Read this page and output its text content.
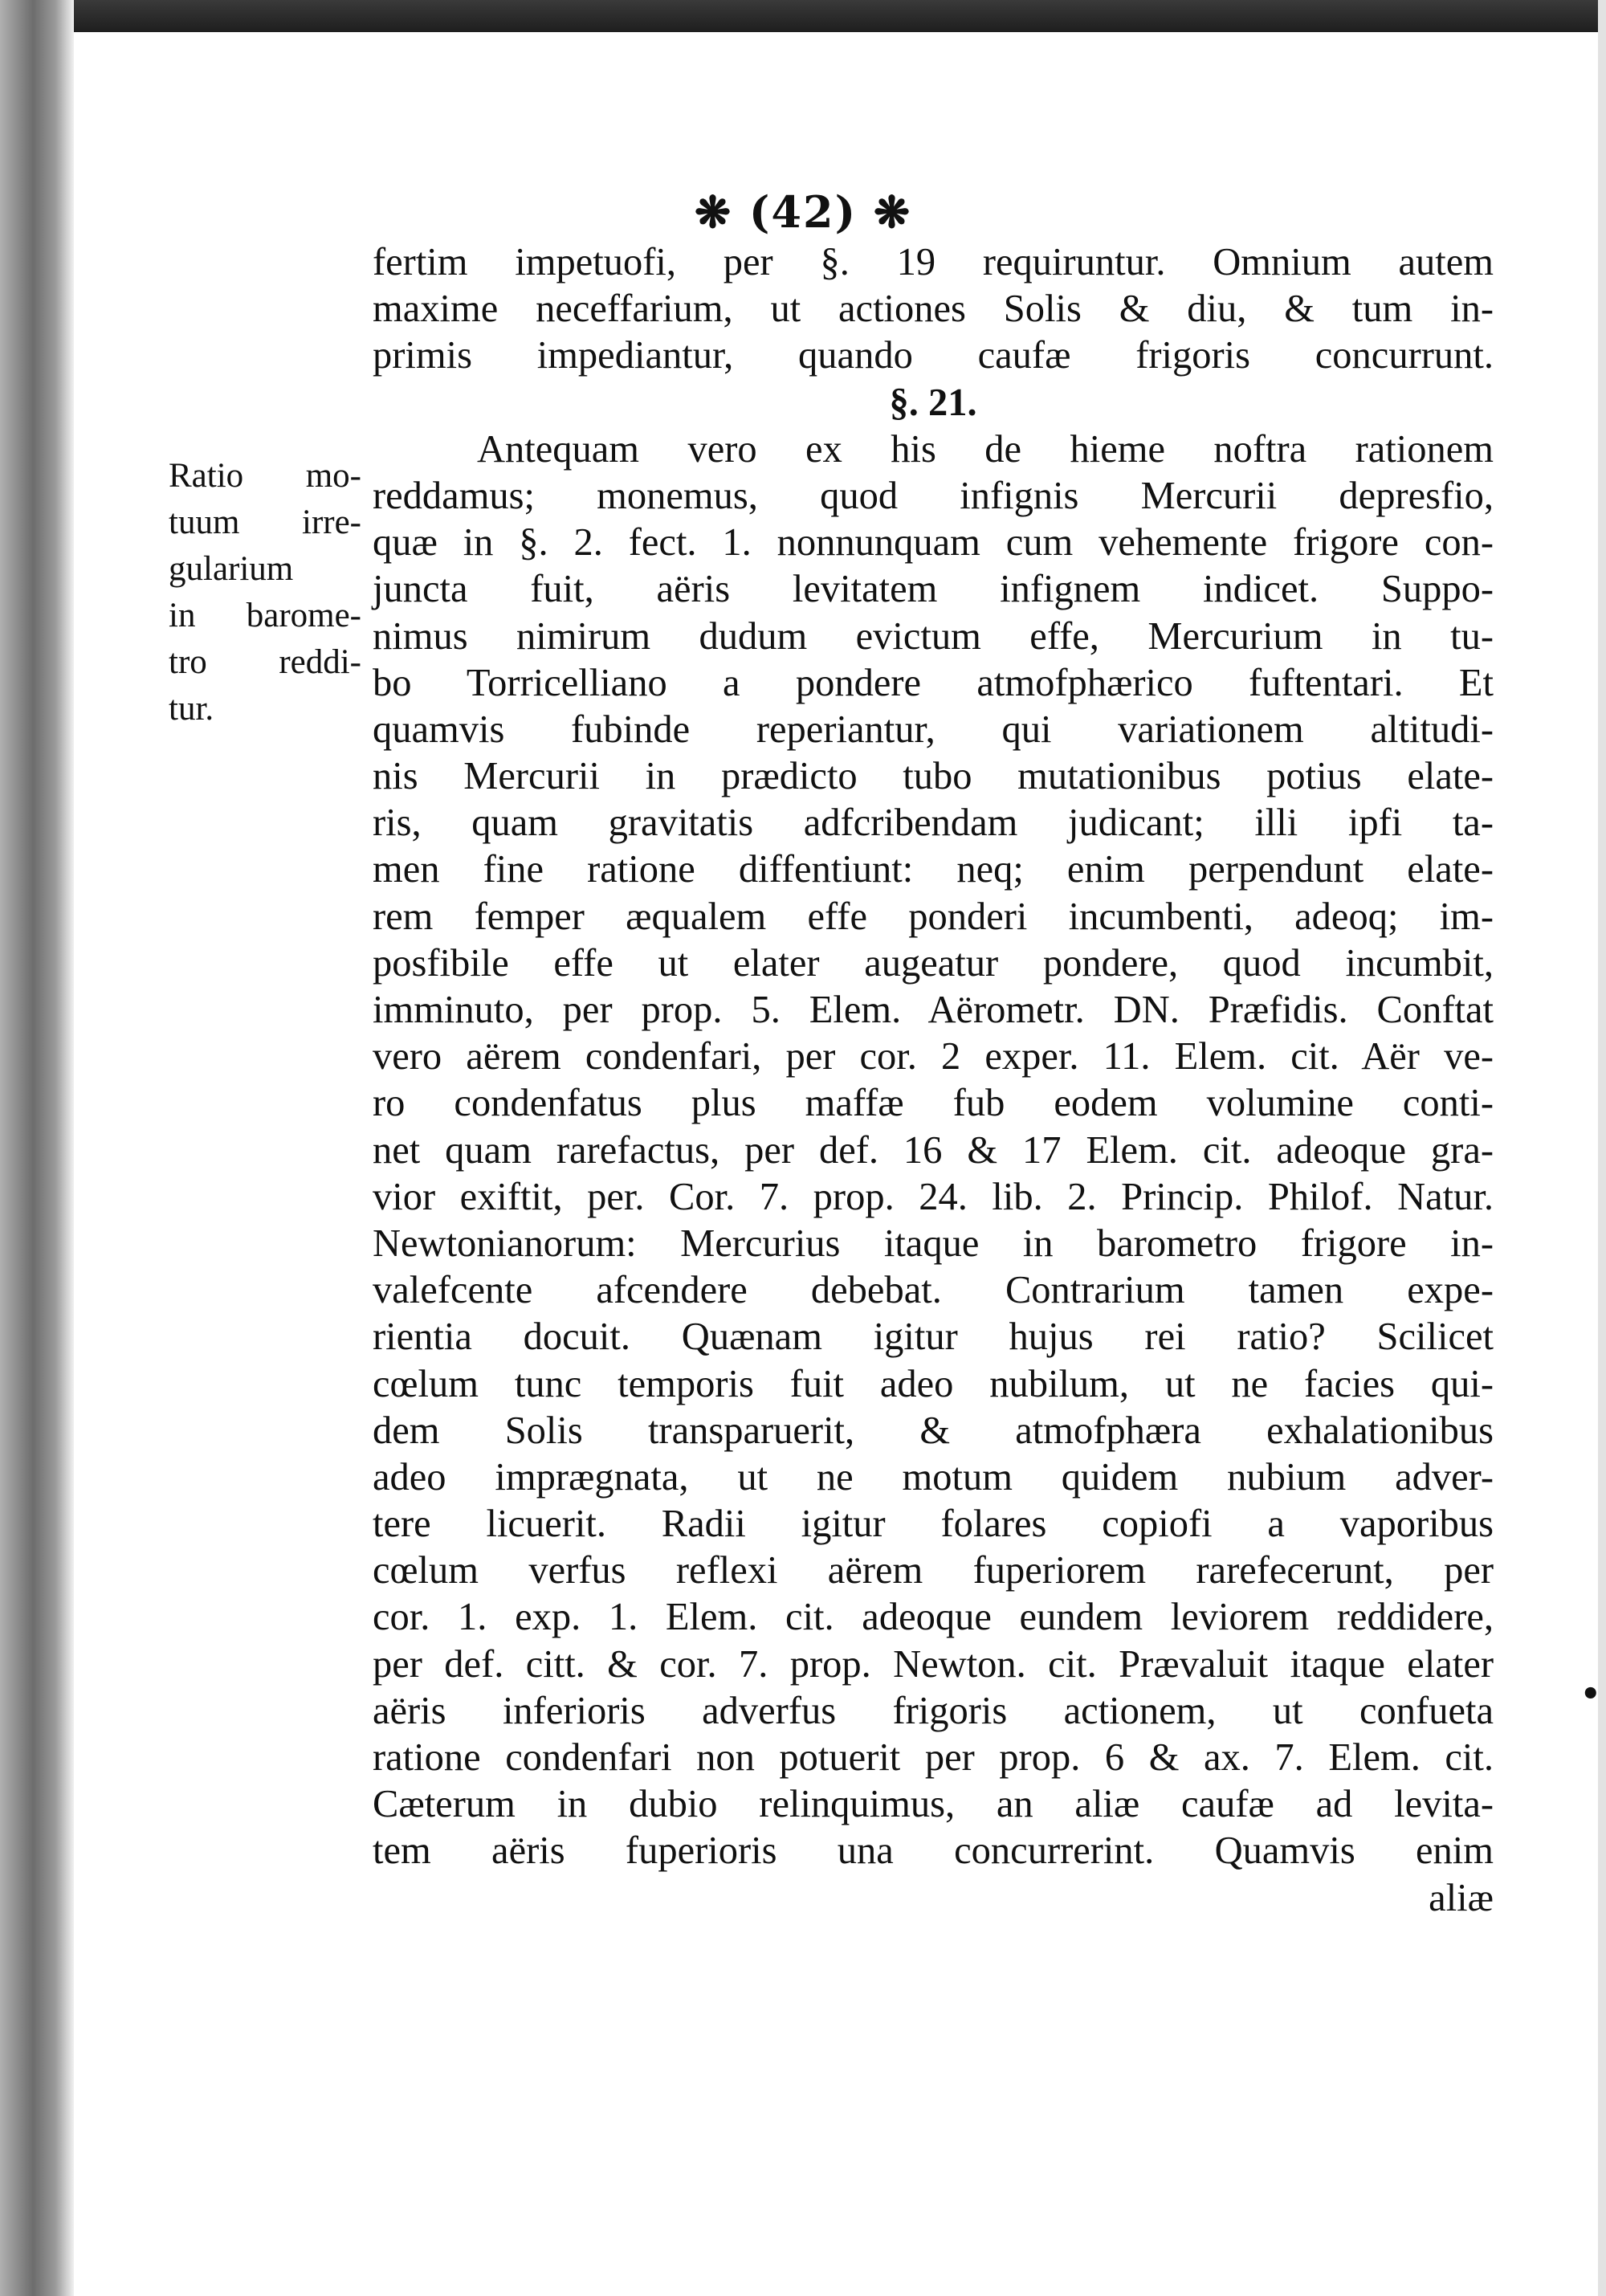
❋ (42) ❋
Ratio mo-
tuum irre-
gularium
in barome-
tro reddi-
tur.
fertim impetuofi, per §. 19 requiruntur. Omnium autem
maxime neceffarium, ut actiones Solis & diu, & tum in-
primis impediantur, quando caufæ frigoris concurrunt.
§. 21.
Antequam vero ex his de hieme noftra rationem
reddamus; monemus, quod infignis Mercurii depresfio,
quæ in §. 2. fect. 1. nonnunquam cum vehemente frigore con-
juncta fuit, aëris levitatem infignem indicet. Suppo-
nimus nimirum dudum evictum effe, Mercurium in tu-
bo Torricelliano a pondere atmofphærico fuftentari. Et
quamvis fubinde reperiantur, qui variationem altitudi-
nis Mercurii in prædicto tubo mutationibus potius elate-
ris, quam gravitatis adfcribendam judicant; illi ipfi ta-
men fine ratione diffentiunt: neq; enim perpendunt elate-
rem femper æqualem effe ponderi incumbenti, adeoq; im-
posfibile effe ut elater augeatur pondere, quod incumbit,
imminuto, per prop. 5. Elem. Aërometr. DN. Præfidis. Conftat
vero aërem condenfari, per cor. 2 exper. 11. Elem. cit. Aër ve-
ro condenfatus plus maffæ fub eodem volumine conti-
net quam rarefactus, per def. 16 & 17 Elem. cit. adeoque gra-
vior exiftit, per. Cor. 7. prop. 24. lib. 2. Princip. Philof. Natur.
Newtonianorum: Mercurius itaque in barometro frigore in-
valefcente afcendere debebat. Contrarium tamen expe-
rientia docuit. Quænam igitur hujus rei ratio? Scilicet
cœlum tunc temporis fuit adeo nubilum, ut ne facies qui-
dem Solis transparuerit, & atmofphæra exhalationibus
adeo imprægnata, ut ne motum quidem nubium adver-
tere licuerit. Radii igitur folares copiofi a vaporibus
cœlum verfus reflexi aërem fuperiorem rarefecerunt, per
cor. 1. exp. 1. Elem. cit. adeoque eundem leviorem reddidere,
per def. citt. & cor. 7. prop. Newton. cit. Prævaluit itaque elater
aëris inferioris adverfus frigoris actionem, ut confueta
ratione condenfari non potuerit per prop. 6 & ax. 7. Elem. cit.
Cæterum in dubio relinquimus, an aliæ caufæ ad levita-
tem aëris fuperioris una concurrerint. Quamvis enim
aliæ
•
